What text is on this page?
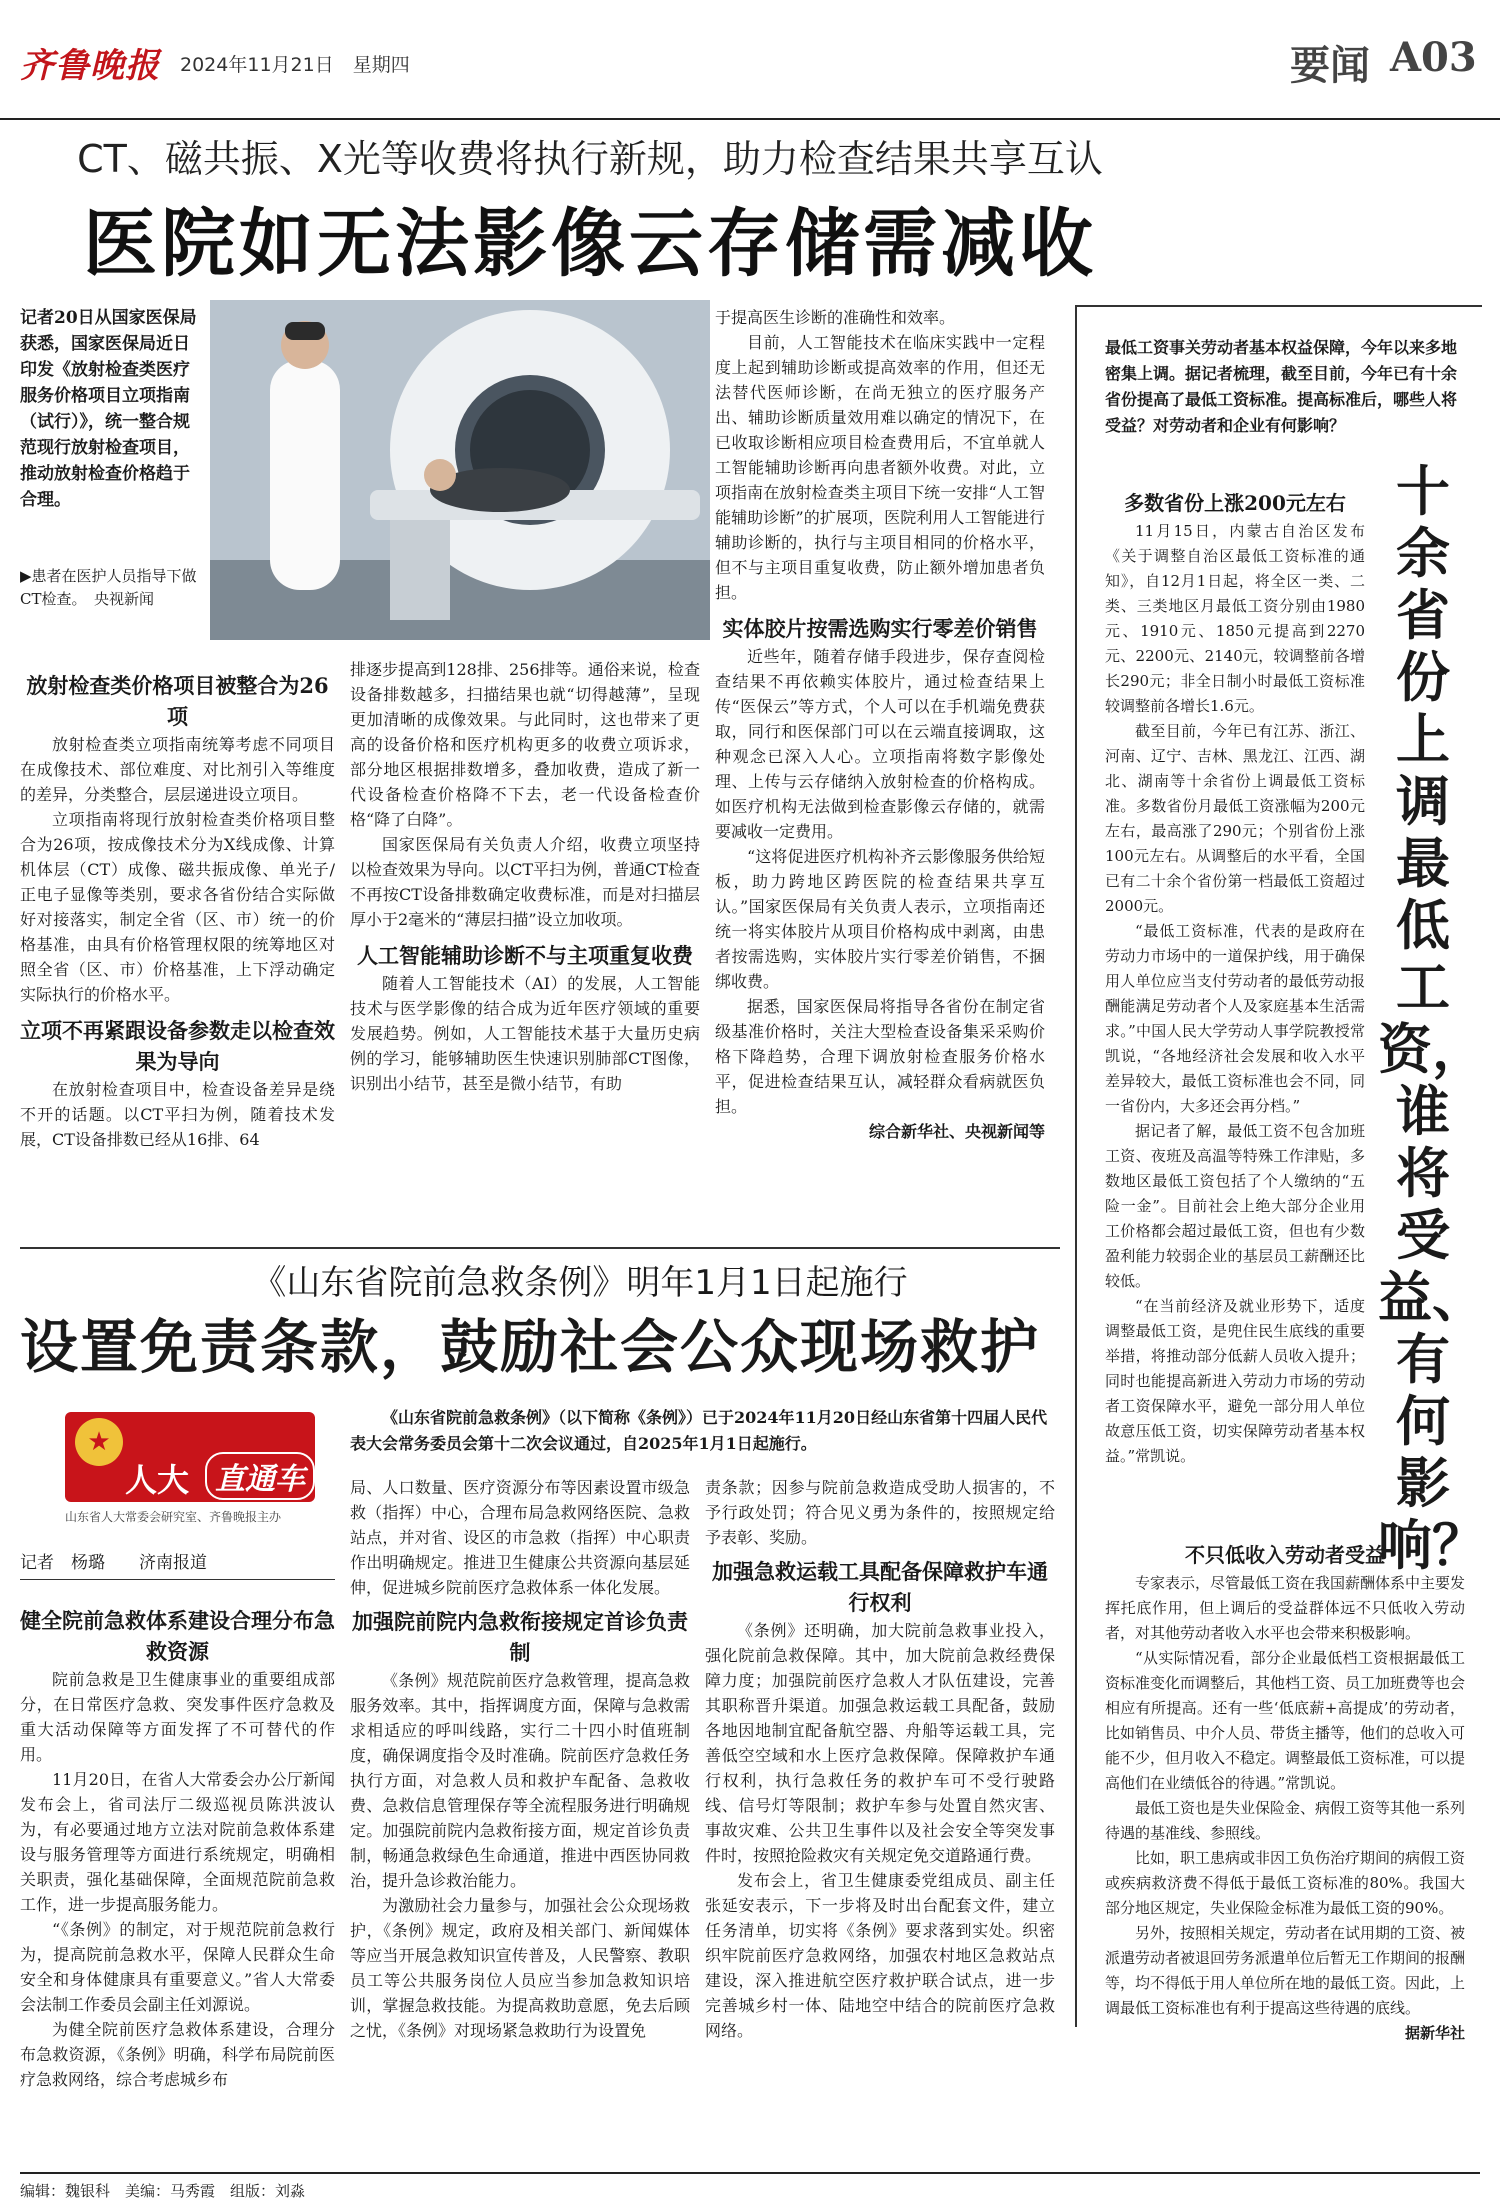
齐鲁晚报 2024年11月21日　星期四	要闻 A03
CT、磁共振、X光等收费将执行新规，助力检查结果共享互认
医院如无法影像云存储需减收
记者20日从国家医保局获悉，国家医保局近日印发《放射检查类医疗服务价格项目立项指南（试行）》，统一整合规范现行放射检查项目，推动放射检查价格趋于合理。
▶患者在医护人员指导下做CT检查。　央视新闻
放射检查类价格项目被整合为26项

放射检查类立项指南统筹考虑不同项目在成像技术、部位难度、对比剂引入等维度的差异，分类整合，层层递进设立项目。

立项指南将现行放射检查类价格项目整合为26项，按成像技术分为X线成像、计算机体层（CT）成像、磁共振成像、单光子/正电子显像等类别，要求各省份结合实际做好对接落实，制定全省（区、市）统一的价格基准，由具有价格管理权限的统筹地区对照全省（区、市）价格基准，上下浮动确定实际执行的价格水平。

立项不再紧跟设备参数走以检查效果为导向

在放射检查项目中，检查设备差异是绕不开的话题。以CT平扫为例，随着技术发展，CT设备排数已经从16排、64

排逐步提高到128排、256排等。通俗来说，检查设备排数越多，扫描结果也就“切得越薄”，呈现更加清晰的成像效果。与此同时，这也带来了更高的设备价格和医疗机构更多的收费立项诉求，部分地区根据排数增多，叠加收费，造成了新一代设备检查价格降不下去，老一代设备检查价格“降了白降”。

国家医保局有关负责人介绍，收费立项坚持以检查效果为导向。以CT平扫为例，普通CT检查不再按CT设备排数确定收费标准，而是对扫描层厚小于2毫米的“薄层扫描”设立加收项。

人工智能辅助诊断不与主项重复收费

随着人工智能技术（AI）的发展，人工智能技术与医学影像的结合成为近年医疗领域的重要发展趋势。例如，人工智能技术基于大量历史病例的学习，能够辅助医生快速识别肺部CT图像，识别出小结节，甚至是微小结节，有助

于提高医生诊断的准确性和效率。

目前，人工智能技术在临床实践中一定程度上起到辅助诊断或提高效率的作用，但还无法替代医师诊断，在尚无独立的医疗服务产出、辅助诊断质量效用难以确定的情况下，在已收取诊断相应项目检查费用后，不宜单就人工智能辅助诊断再向患者额外收费。对此，立项指南在放射检查类主项目下统一安排“人工智能辅助诊断”的扩展项，医院利用人工智能进行辅助诊断的，执行与主项目相同的价格水平，但不与主项目重复收费，防止额外增加患者负担。

实体胶片按需选购实行零差价销售

近些年，随着存储手段进步，保存查阅检查结果不再依赖实体胶片，通过检查结果上传“医保云”等方式，个人可以在手机端免费获取，同行和医保部门可以在云端直接调取，这种观念已深入人心。立项指南将数字影像处理、上传与云存储纳入放射检查的价格构成。如医疗机构无法做到检查影像云存储的，就需要减收一定费用。

“这将促进医疗机构补齐云影像服务供给短板，助力跨地区跨医院的检查结果共享互认。”国家医保局有关负责人表示，立项指南还统一将实体胶片从项目价格构成中剥离，由患者按需选购，实体胶片实行零差价销售，不捆绑收费。

据悉，国家医保局将指导各省份在制定省级基准价格时，关注大型检查设备集采采购价格下降趋势，合理下调放射检查服务价格水平，促进检查结果互认，减轻群众看病就医负担。

综合新华社、央视新闻等

最低工资事关劳动者基本权益保障，今年以来多地密集上调。据记者梳理，截至目前，今年已有十余省份提高了最低工资标准。提高标准后，哪些人将受益？对劳动者和企业有何影响？
十余省份上调最低工资，谁将受益、有何影响？
多数省份上涨200元左右

11月15日，内蒙古自治区发布《关于调整自治区最低工资标准的通知》，自12月1日起，将全区一类、二类、三类地区月最低工资分别由1980元、1910元、1850元提高到2270元、2200元、2140元，较调整前各增长290元；非全日制小时最低工资标准较调整前各增长1.6元。

截至目前，今年已有江苏、浙江、河南、辽宁、吉林、黑龙江、江西、湖北、湖南等十余省份上调最低工资标准。多数省份月最低工资涨幅为200元左右，最高涨了290元；个别省份上涨100元左右。从调整后的水平看，全国已有二十余个省份第一档最低工资超过2000元。

“最低工资标准，代表的是政府在劳动力市场中的一道保护线，用于确保用人单位应当支付劳动者的最低劳动报酬能满足劳动者个人及家庭基本生活需求。”中国人民大学劳动人事学院教授常凯说，“各地经济社会发展和收入水平差异较大，最低工资标准也会不同，同一省份内，大多还会再分档。”

据记者了解，最低工资不包含加班工资、夜班及高温等特殊工作津贴，多数地区最低工资包括了个人缴纳的“五险一金”。目前社会上绝大部分企业用工价格都会超过最低工资，但也有少数盈利能力较弱企业的基层员工薪酬还比较低。

“在当前经济及就业形势下，适度调整最低工资，是兜住民生底线的重要举措，将推动部分低薪人员收入提升；同时也能提高新进入劳动力市场的劳动者工资保障水平，避免一部分用人单位故意压低工资，切实保障劳动者基本权益。”常凯说。

不只低收入劳动者受益

专家表示，尽管最低工资在我国薪酬体系中主要发挥托底作用，但上调后的受益群体远不只低收入劳动者，对其他劳动者收入水平也会带来积极影响。

“从实际情况看，部分企业最低档工资根据最低工资标准变化而调整后，其他档工资、员工加班费等也会相应有所提高。还有一些‘低底薪+高提成’的劳动者，比如销售员、中介人员、带货主播等，他们的总收入可能不少，但月收入不稳定。调整最低工资标准，可以提高他们在业绩低谷的待遇。”常凯说。

最低工资也是失业保险金、病假工资等其他一系列待遇的基准线、参照线。

比如，职工患病或非因工负伤治疗期间的病假工资或疾病救济费不得低于最低工资标准的80%。我国大部分地区规定，失业保险金标准为最低工资的90%。

另外，按照相关规定，劳动者在试用期的工资、被派遣劳动者被退回劳务派遣单位后暂无工作期间的报酬等，均不得低于用人单位所在地的最低工资。因此，上调最低工资标准也有利于提高这些待遇的底线。

据新华社

《山东省院前急救条例》明年1月1日起施行
设置免责条款，鼓励社会公众现场救护
★
人大 直通车
山东省人大常委会研究室、齐鲁晚报主办
记者　杨璐　　济南报道
《山东省院前急救条例》（以下简称《条例》）已于2024年11月20日经山东省第十四届人民代表大会常务委员会第十二次会议通过，自2025年1月1日起施行。
健全院前急救体系建设合理分布急救资源

院前急救是卫生健康事业的重要组成部分，在日常医疗急救、突发事件医疗急救及重大活动保障等方面发挥了不可替代的作用。

11月20日，在省人大常委会办公厅新闻发布会上，省司法厅二级巡视员陈洪波认为，有必要通过地方立法对院前急救体系建设与服务管理等方面进行系统规定，明确相关职责，强化基础保障，全面规范院前急救工作，进一步提高服务能力。

“《条例》的制定，对于规范院前急救行为，提高院前急救水平，保障人民群众生命安全和身体健康具有重要意义。”省人大常委会法制工作委员会副主任刘源说。

为健全院前医疗急救体系建设，合理分布急救资源，《条例》明确，科学布局院前医疗急救网络，综合考虑城乡布

局、人口数量、医疗资源分布等因素设置市级急救（指挥）中心，合理布局急救网络医院、急救站点，并对省、设区的市急救（指挥）中心职责作出明确规定。推进卫生健康公共资源向基层延伸，促进城乡院前医疗急救体系一体化发展。

加强院前院内急救衔接规定首诊负责制

《条例》规范院前医疗急救管理，提高急救服务效率。其中，指挥调度方面，保障与急救需求相适应的呼叫线路，实行二十四小时值班制度，确保调度指令及时准确。院前医疗急救任务执行方面，对急救人员和救护车配备、急救收费、急救信息管理保存等全流程服务进行明确规定。加强院前院内急救衔接方面，规定首诊负责制，畅通急救绿色生命通道，推进中西医协同救治，提升急诊救治能力。

为激励社会力量参与，加强社会公众现场救护，《条例》规定，政府及相关部门、新闻媒体等应当开展急救知识宣传普及，人民警察、教职员工等公共服务岗位人员应当参加急救知识培训，掌握急救技能。为提高救助意愿，免去后顾之忧，《条例》对现场紧急救助行为设置免

责条款；因参与院前急救造成受助人损害的，不予行政处罚；符合见义勇为条件的，按照规定给予表彰、奖励。

加强急救运载工具配备保障救护车通行权利

《条例》还明确，加大院前急救事业投入，强化院前急救保障。其中，加大院前急救经费保障力度；加强院前医疗急救人才队伍建设，完善其职称晋升渠道。加强急救运载工具配备，鼓励各地因地制宜配备航空器、舟船等运载工具，完善低空空域和水上医疗急救保障。保障救护车通行权利，执行急救任务的救护车可不受行驶路线、信号灯等限制；救护车参与处置自然灾害、事故灾难、公共卫生事件以及社会安全等突发事件时，按照抢险救灾有关规定免交道路通行费。

发布会上，省卫生健康委党组成员、副主任张延安表示，下一步将及时出台配套文件，建立任务清单，切实将《条例》要求落到实处。织密织牢院前医疗急救网络，加强农村地区急救站点建设，深入推进航空医疗救护联合试点，进一步完善城乡村一体、陆地空中结合的院前医疗急救网络。

编辑：魏银科　美编：马秀霞　组版：刘淼
